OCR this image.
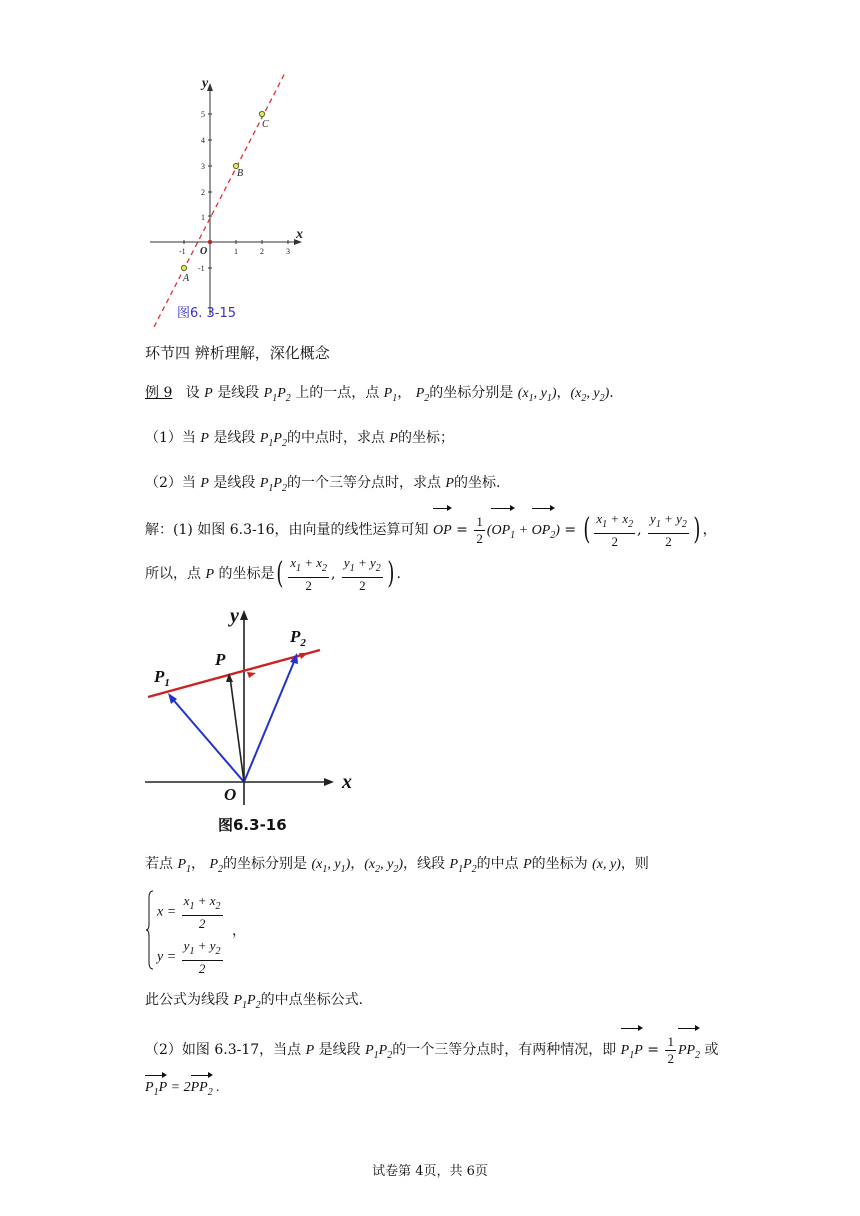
x
y
O
-1	1	2	3
5
4
3
2
1
-1
A
B
C
图6. 3-15
环节四 辨析理解，深化概念
例 9 设 P 是线段 $P_1P_2$ 上的一点，点 $P_1$， $P_2$的坐标分别是 ($x_1$, $y_1$)，($x_2$, $y_2$).
（1）当 P 是线段 $P_1P_2$的中点时，求点 P的坐标；
（2）当 P 是线段 $P_1P_2$的一个三等分点时，求点 P的坐标.
解：(1) 如图 6.3-16，由向量的线性运算可知 OP = $\frac{1}{2} (OP_1 + OP_2)$ = ( $\frac{x_1 + x_2}{2}$ , $\frac{y_1 + y_2}{2}$ ) ，
所以，点 P 的坐标是( $\frac{x_1 + x_2}{2}$ , $\frac{y_1 + y_2}{2}$ ) .
y
x
O
P
$P_1$
$P_2$
图6.3-16
若点 $P_1$， $P_2$的坐标分别是 ($x_1$, $y_1$)，($x_2$, $y_2$)，线段 $P_1P_2$的中点 P的坐标为 (x, y)，则
$x = \frac{x_1 + x_2}{2}$ ，
$y = \frac{y_1 + y_2}{2}$
此公式为线段 $P_1P_2$的中点坐标公式.
（2）如图 6.3-17，当点 P 是线段 $P_1P_2$的一个三等分点时，有两种情况，即 $P_1P = \frac{1}{2} PP_2$ 或
$P_1P = 2PP_2$ .
试卷第 4页，共 6页
